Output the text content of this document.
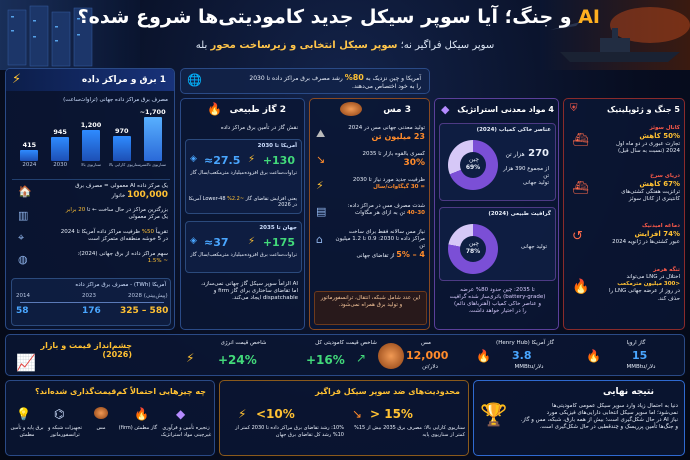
AI و جنگ؛ آیا سوپر سیکل جدید کامودیتی‌ها شروع شده؟
سوپر سیکل فراگیر نه؛ سوپر سیکل انتخابی و زیرساخت محور بله
1 برق و مراکز داده
⚡
مصرف برق مراکز داده جهانی (تراوات‌ساعت)
415
2024
945
2030
1,200
سناریوی بالا
970
سناریوی کارایی بالا
~1,700
سناریوی تاکسی
یک مرکز داده AI معمولی = مصرف برق
100,000 خانوار
🏠
بزرگترین مراکز در حال ساخت ← تا 20 برابر
یک مرکز معمولی
▥
تقریباً 50% ظرفیت مراکز داده آمریکا تا 2024
در 5 خوشه منطقه‌ای متمرکز است
⌖
سهم مراکز داده از برق جهانی (2024):
~ 1.5%
◍
آمریکا (TWh) - مصرف برق مراکز داده
2014	2023	2028 (پیش‌بینی)
58	176 325 – 580
آمریکا و چین نزدیک به 80% رشد مصرف برق مراکز داده تا 2030
را به خود اختصاص می‌دهند.
🌐
2 گاز طبیعی
🔥
نقش گاز در تأمین برق مراکز داده
آمریکا تا 2030
+130
⚡
تراوات‌ساعت برق افزوده
≈27.5
◈
میلیارد مترمکعب/سال گاز
یعنی افزایش تقاضای گاز ~2.2% Lower-48 آمریکا در 2026
جهان تا 2035
+175
⚡
تراوات‌ساعت برق افزوده
≈37
◈
میلیارد مترمکعب/سال گاز
AI الزاماً سوپر سیکل گاز جهانی نمی‌سازد،
اما تقاضای ساختاری برای گاز firm و
dispatchable ایجاد می‌کند.
3 مس
تولید معدنی جهانی مس در 2024
23 میلیون تن
⛰
کسری بالقوه بازار تا 2035
30%
↘
ظرفیت جدید مورد نیاز تا 2030
= 30 گیگاوات/سال
⚡
شدت مصرف مس در مراکز داده:
30–40 تن به ازای هر مگاوات
▤
نیاز مس سالانه فقط برای ساخت
مراکز داده تا 2030: 0.9 تا 1.2 میلیون تن
4 – 5% از تقاضای جهانی
⌂
این عدد شامل شبکه، انتقال، ترانسفورماتور
و تولید برق همراه نمی‌شود.
4 مواد معدنی استراتژیک
◆
عناصر خاکی کمیاب (2024)
چین
69%
270 هزار تن
از مجموع 390 هزار تن
تولید جهانی
گرافیت طبیعی (2024)
چین
78%
تولید جهانی
تا 2035: چین حدود 80% عرضه
(battery-grade) باتری‌ساز شده گرافیت
و عناصر خاکی کمیاب (آهنرباهای دائم)
را در اختیار خواهد داشت.
5 جنگ و ژئوپلیتیک
⛨
کانال سوئز
50% کاهش
تجارت عبوری در دو ماه اول 2024 (نسبت به سال قبل)
⛴
دریای سرخ
67% کاهش
ترانزیت هفتگی کشتی‌های کانتینری از کانال سوئز
⛴
دماغه امیدنیک
74% افزایش
عبور کشتی‌ها در ژانویه 2024
↺
تنگه هرمز
اختلال در LNG می‌تواند
<300 میلیون مترمکعب
در روز از عرضه جهانی LNG را حذف کند.
🔥
چشم‌انداز قیمت و بازار (2026)
📈
شاخص قیمت انرژی
+24%
⚡
شاخص قیمت کامودیتی کل
+16% ↗
مس
12,000
دلار/تن
گاز آمریکا (Henry Hub)
3.8
دلار/MMBtu
🔥
گاز اروپا
15
دلار/MMBtu
🔥
چه چیزهایی احتمالاً کم‌قیمت‌گذاری شده‌اند؟
💡 ⌬	🔥 ◆
برق پایه و تأمین مطمئن
تجهیزات شبکه و ترانسفورماتور
مس	گاز مطمئن (firm)	زنجیره تأمین و فرآوری غیرچینی مواد استراتژیک
محدودیت‌های ضد سوپر سیکل فراگیر
> 15%
↘
سناریوی کارایی بالا: مصرف برق 2035 بیش از 15% کمتر از سناریوی پایه
<10%
⚡
10%: رشد تقاضای برق مراکز داده تا 2030 کمتر از 10% رشد کل تقاضای برق جهان
نتیجه نهایی
🏆	دنیا به احتمال زیاد وارد سوپر سیکل عمومی کامودیتی‌ها
نمی‌شود؛ اما سوپر سیکل انتخابی دارایی‌های فیزیکی مورد
نیاز AI در حال شکل‌گیری است؛ بیش از همه بارق، شبکه، مس و گاز.
و جنگ‌ها تأمین پرریسک و چندقطبی در حال شکل‌گیری است.
